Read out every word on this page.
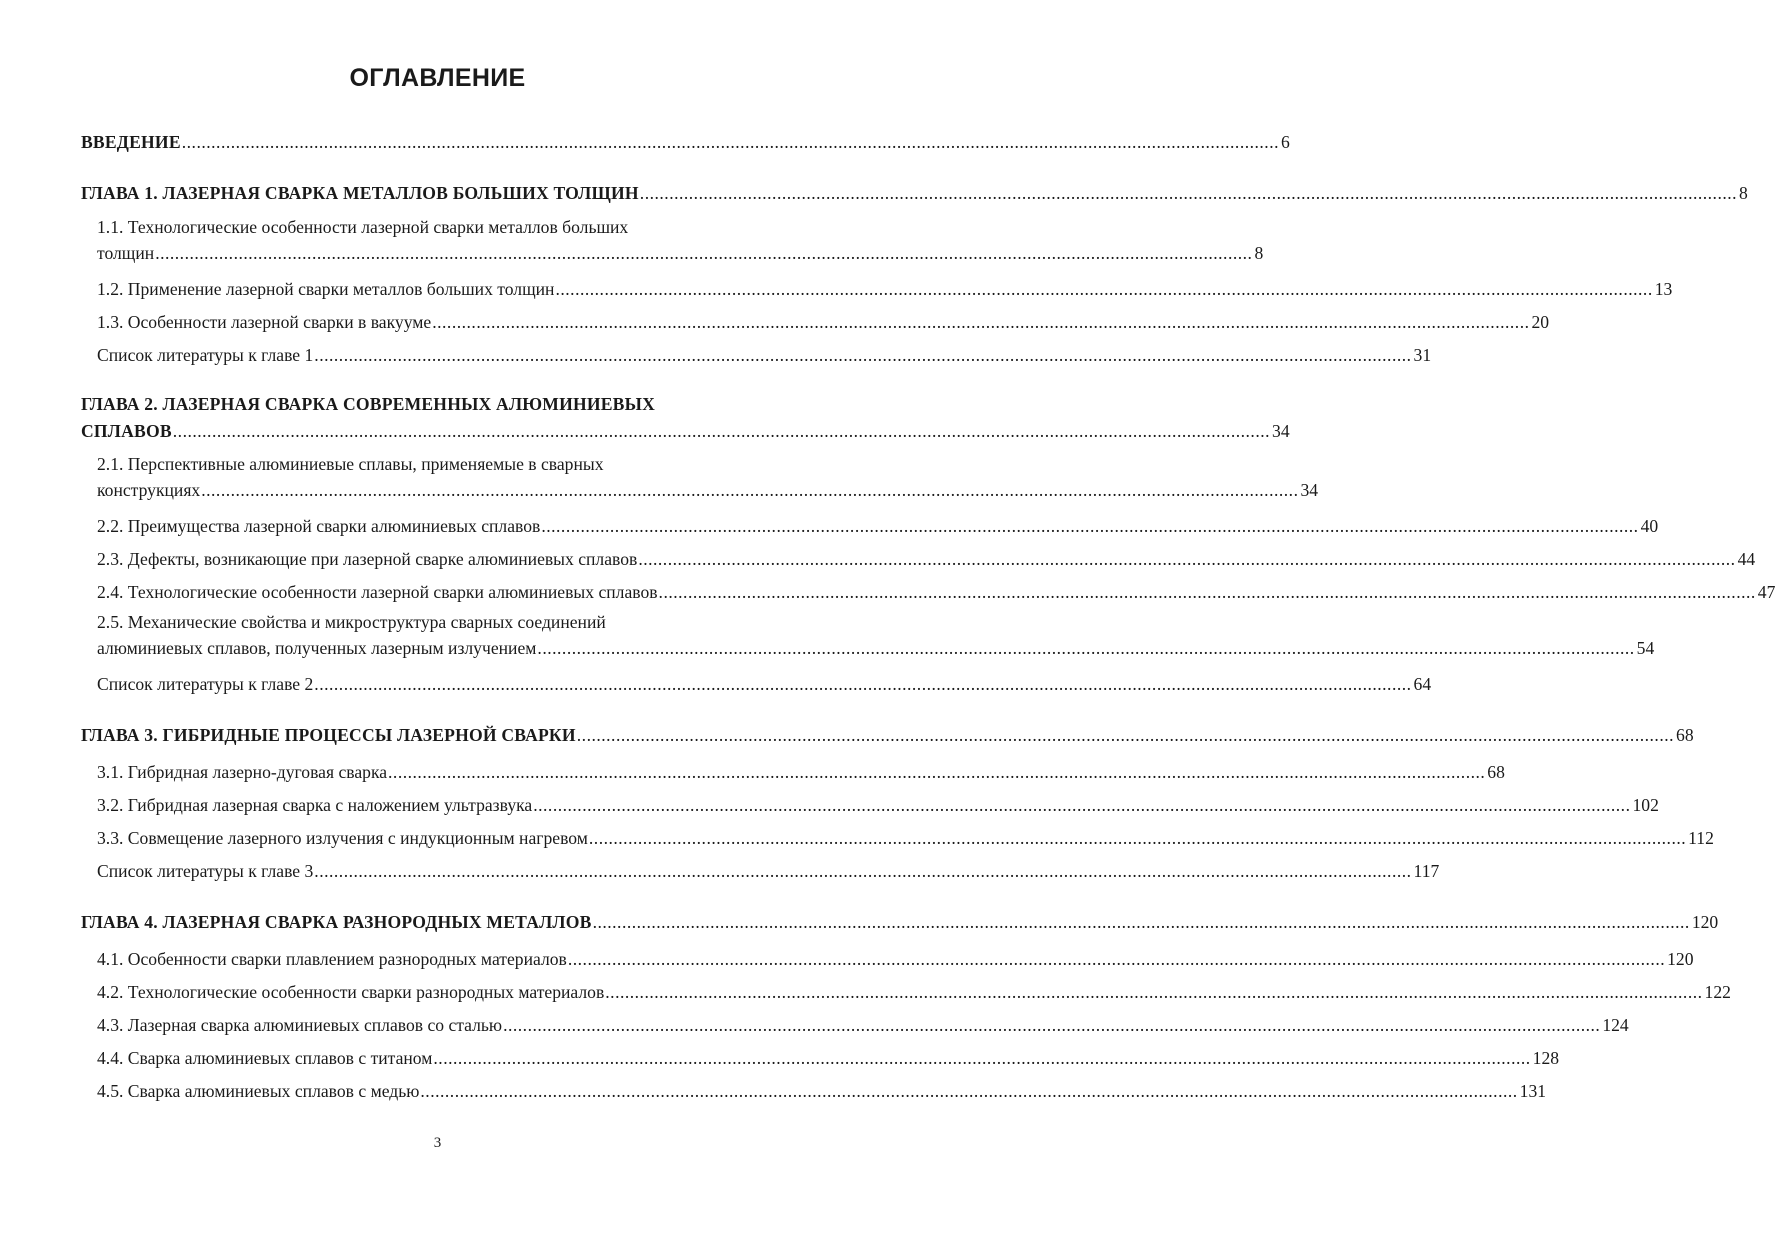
ОГЛАВЛЕНИЕ
ВВЕДЕНИЕ .....	6
ГЛАВА 1. ЛАЗЕРНАЯ СВАРКА МЕТАЛЛОВ БОЛЬШИХ ТОЛЩИН .....	8
1.1. Технологические особенности лазерной сварки металлов больших
толщин .....	8
1.2. Применение лазерной сварки металлов больших толщин .....	13
1.3. Особенности лазерной сварки в вакууме .....	20
Список литературы к главе 1 .....	31
ГЛАВА 2. ЛАЗЕРНАЯ СВАРКА СОВРЕМЕННЫХ АЛЮМИНИЕВЫХ
СПЛАВОВ .....	34
2.1. Перспективные алюминиевые сплавы, применяемые в сварных
конструкциях .....	34
2.2. Преимущества лазерной сварки алюминиевых сплавов .....	40
2.3. Дефекты, возникающие при лазерной сварке алюминиевых сплавов .....	44
2.4. Технологические особенности лазерной сварки алюминиевых сплавов .....	47
2.5. Механические свойства и микроструктура сварных соединений
алюминиевых сплавов, полученных лазерным излучением .....	54
Список литературы к главе 2 .....	64
ГЛАВА 3. ГИБРИДНЫЕ ПРОЦЕССЫ ЛАЗЕРНОЙ СВАРКИ .....	68
3.1. Гибридная лазерно-дуговая сварка .....	68
3.2. Гибридная лазерная сварка с наложением ультразвука .....	102
3.3. Совмещение лазерного излучения с индукционным нагревом .....	112
Список литературы к главе 3 .....	117
ГЛАВА 4. ЛАЗЕРНАЯ СВАРКА РАЗНОРОДНЫХ МЕТАЛЛОВ .....	120
4.1. Особенности сварки плавлением разнородных материалов .....	120
4.2. Технологические особенности сварки разнородных материалов .....	122
4.3. Лазерная сварка алюминиевых сплавов со сталью .....	124
4.4. Сварка алюминиевых сплавов с титаном .....	128
4.5. Сварка алюминиевых сплавов с медью .....	131

3
